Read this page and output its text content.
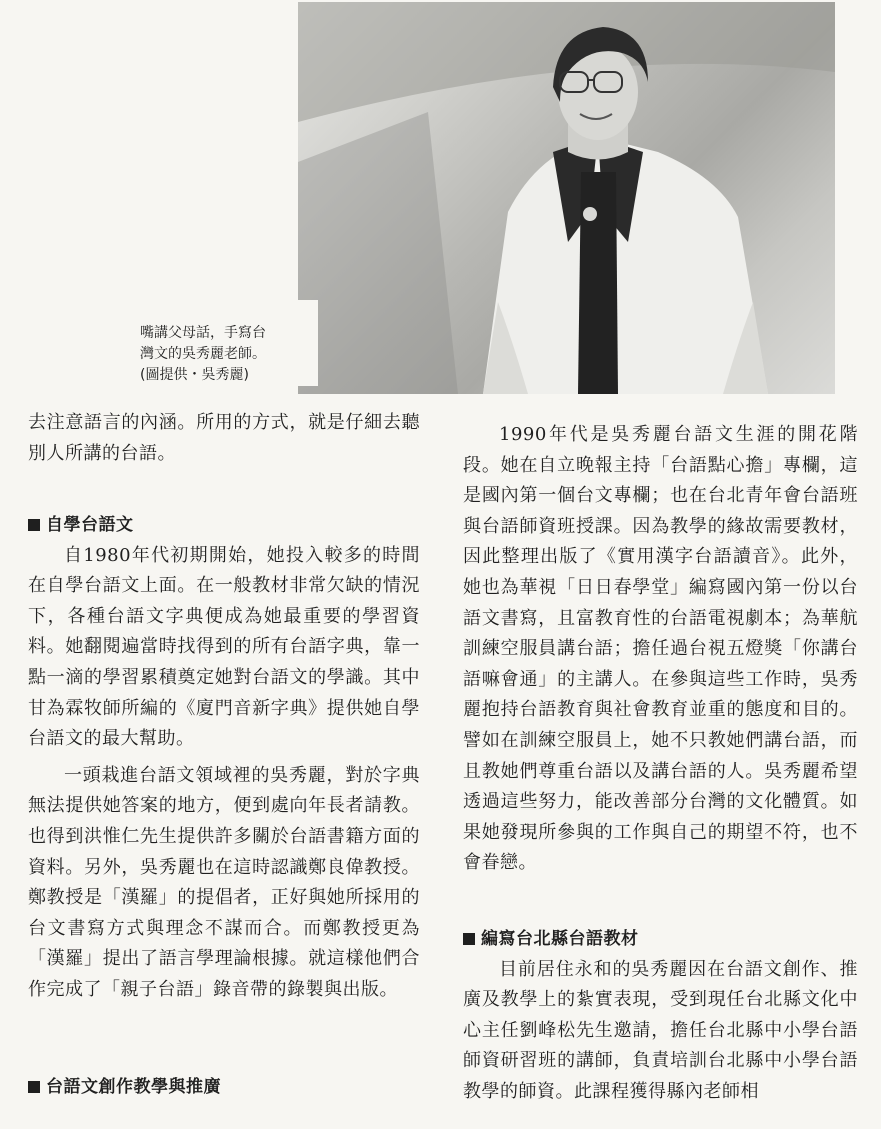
嘴講父母話，手寫台
灣文的吳秀麗老師。
(圖提供・吳秀麗)

去注意語言的內涵。所用的方式，就是仔細去聽別人所講的台語。

自學台語文

自1980年代初期開始，她投入較多的時間在自學台語文上面。在一般教材非常欠缺的情況下，各種台語文字典便成為她最重要的學習資料。她翻閱遍當時找得到的所有台語字典，靠一點一滴的學習累積奠定她對台語文的學識。其中甘為霖牧師所編的《廈門音新字典》提供她自學台語文的最大幫助。

一頭栽進台語文領域裡的吳秀麗，對於字典無法提供她答案的地方，便到處向年長者請教。也得到洪惟仁先生提供許多關於台語書籍方面的資料。另外，吳秀麗也在這時認識鄭良偉教授。鄭教授是「漢羅」的提倡者，正好與她所採用的台文書寫方式與理念不謀而合。而鄭教授更為「漢羅」提出了語言學理論根據。就這樣他們合作完成了「親子台語」錄音帶的錄製與出版。

台語文創作教學與推廣

1990年代是吳秀麗台語文生涯的開花階段。她在自立晚報主持「台語點心擔」專欄，這是國內第一個台文專欄；也在台北青年會台語班與台語師資班授課。因為教學的緣故需要教材，因此整理出版了《實用漢字台語讀音》。此外，她也為華視「日日春學堂」編寫國內第一份以台語文書寫，且富教育性的台語電視劇本；為華航訓練空服員講台語；擔任過台視五燈獎「你講台語嘛會通」的主講人。在參與這些工作時，吳秀麗抱持台語教育與社會教育並重的態度和目的。譬如在訓練空服員上，她不只教她們講台語，而且教她們尊重台語以及講台語的人。吳秀麗希望透過這些努力，能改善部分台灣的文化體質。如果她發現所參與的工作與自己的期望不符，也不會眷戀。

編寫台北縣台語教材

目前居住永和的吳秀麗因在台語文創作、推廣及教學上的紮實表現，受到現任台北縣文化中心主任劉峰松先生邀請，擔任台北縣中小學台語師資研習班的講師，負責培訓台北縣中小學台語教學的師資。此課程獲得縣內老師相
